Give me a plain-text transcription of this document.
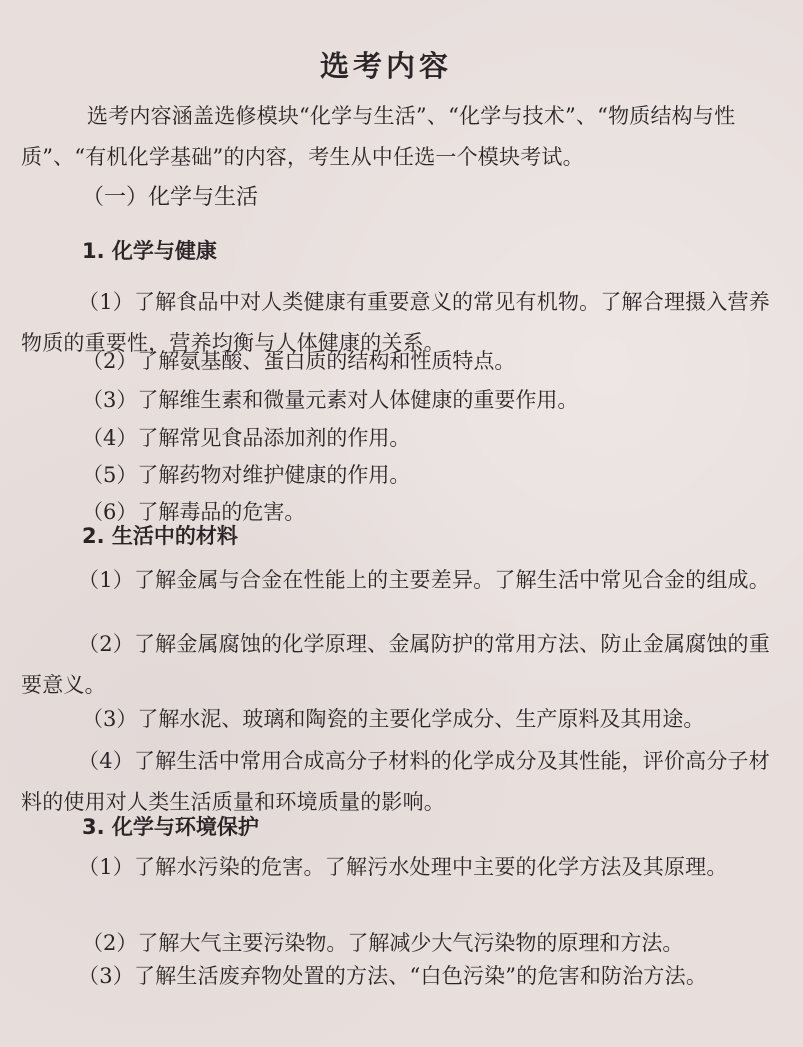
选考内容
选考内容涵盖选修模块“化学与生活”、“化学与技术”、“物质结构与性质”、“有机化学基础”的内容，考生从中任选一个模块考试。
（一）化学与生活
1. 化学与健康
（1）了解食品中对人类健康有重要意义的常见有机物。了解合理摄入营养物质的重要性，营养均衡与人体健康的关系。
（2）了解氨基酸、蛋白质的结构和性质特点。
（3）了解维生素和微量元素对人体健康的重要作用。
（4）了解常见食品添加剂的作用。
（5）了解药物对维护健康的作用。
（6）了解毒品的危害。
2. 生活中的材料
（1）了解金属与合金在性能上的主要差异。了解生活中常见合金的组成。
（2）了解金属腐蚀的化学原理、金属防护的常用方法、防止金属腐蚀的重要意义。
（3）了解水泥、玻璃和陶瓷的主要化学成分、生产原料及其用途。
（4）了解生活中常用合成高分子材料的化学成分及其性能，评价高分子材料的使用对人类生活质量和环境质量的影响。
3. 化学与环境保护
（1）了解水污染的危害。了解污水处理中主要的化学方法及其原理。
（2）了解大气主要污染物。了解减少大气污染物的原理和方法。
（3）了解生活废弃物处置的方法、“白色污染”的危害和防治方法。
